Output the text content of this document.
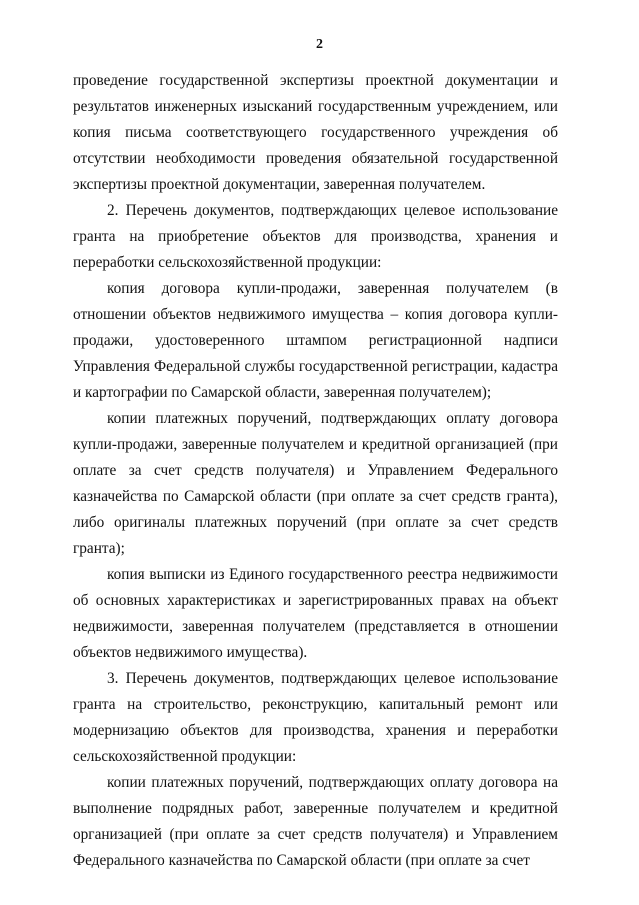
2

проведение государственной экспертизы проектной документации и результатов инженерных изысканий государственным учреждением, или копия письма соответствующего государственного учреждения об отсутствии необходимости проведения обязательной государственной экспертизы проектной документации, заверенная получателем.

2. Перечень документов, подтверждающих целевое использование гранта на приобретение объектов для производства, хранения и переработки сельскохозяйственной продукции:

копия договора купли-продажи, заверенная получателем (в отношении объектов недвижимого имущества – копия договора купли-продажи, удостоверенного штампом регистрационной надписи Управления Федеральной службы государственной регистрации, кадастра и картографии по Самарской области, заверенная получателем);

копии платежных поручений, подтверждающих оплату договора купли-продажи, заверенные получателем и кредитной организацией (при оплате за счет средств получателя) и Управлением Федерального казначейства по Самарской области (при оплате за счет средств гранта), либо оригиналы платежных поручений (при оплате за счет средств гранта);

копия выписки из Единого государственного реестра недвижимости об основных характеристиках и зарегистрированных правах на объект недвижимости, заверенная получателем (представляется в отношении объектов недвижимого имущества).

3. Перечень документов, подтверждающих целевое использование гранта на строительство, реконструкцию, капитальный ремонт или модернизацию объектов для производства, хранения и переработки сельскохозяйственной продукции:

копии платежных поручений, подтверждающих оплату договора на выполнение подрядных работ, заверенные получателем и кредитной организацией (при оплате за счет средств получателя) и Управлением Федерального казначейства по Самарской области (при оплате за счет
